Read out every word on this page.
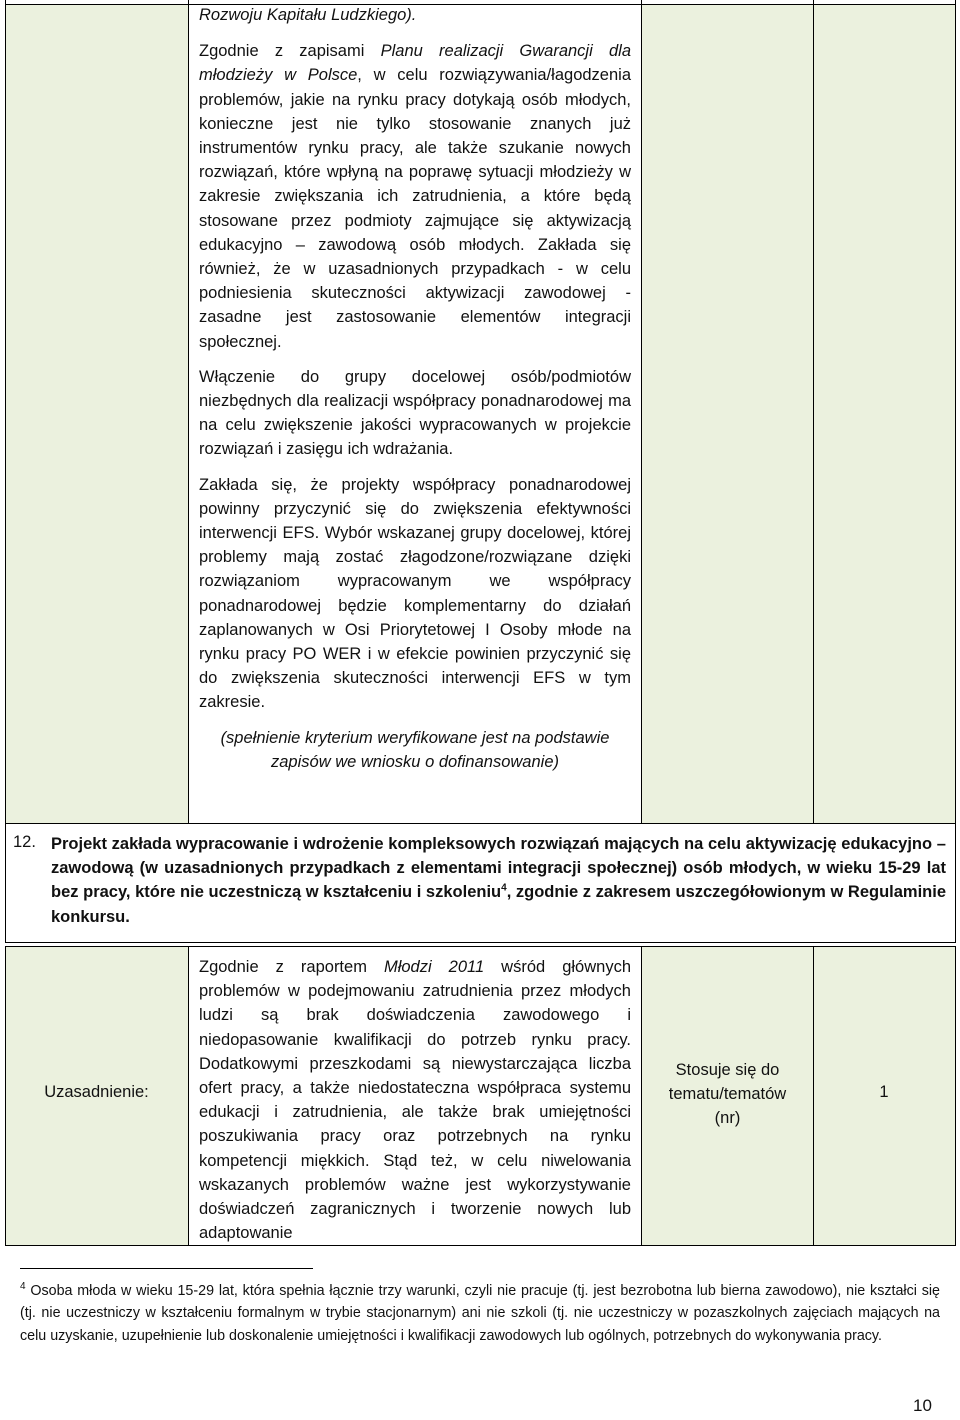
Rozwoju Kapitału Ludzkiego).

Zgodnie z zapisami Planu realizacji Gwarancji dla młodzieży w Polsce, w celu rozwiązywania/łagodzenia problemów, jakie na rynku pracy dotykają osób młodych, konieczne jest nie tylko stosowanie znanych już instrumentów rynku pracy, ale także szukanie nowych rozwiązań, które wpłyną na poprawę sytuacji młodzieży w zakresie zwiększania ich zatrudnienia, a które będą stosowane przez podmioty zajmujące się aktywizacją edukacyjno – zawodową osób młodych. Zakłada się również, że w uzasadnionych przypadkach - w celu podniesienia skuteczności aktywizacji zawodowej - zasadne jest zastosowanie elementów integracji społecznej.

Włączenie do grupy docelowej osób/podmiotów niezbędnych dla realizacji współpracy ponadnarodowej ma na celu zwiększenie jakości wypracowanych w projekcie rozwiązań i zasięgu ich wdrażania.

Zakłada się, że projekty współpracy ponadnarodowej powinny przyczynić się do zwiększenia efektywności interwencji EFS. Wybór wskazanej grupy docelowej, której problemy mają zostać złagodzone/rozwiązane dzięki rozwiązaniom wypracowanym we współpracy ponadnarodowej będzie komplementarny do działań zaplanowanych w Osi Priorytetowej I Osoby młode na rynku pracy PO WER i w efekcie powinien przyczynić się do zwiększenia skuteczności interwencji EFS w tym zakresie.

(spełnienie kryterium weryfikowane jest na podstawie zapisów we wniosku o dofinansowanie)

12. Projekt zakłada wypracowanie i wdrożenie kompleksowych rozwiązań mających na celu aktywizację edukacyjno – zawodową (w uzasadnionych przypadkach z elementami integracji społecznej) osób młodych, w wieku 15-29 lat bez pracy, które nie uczestniczą w kształceniu i szkoleniu$^4$, zgodnie z zakresem uszczegółowionym w Regulaminie konkursu.
Uzasadnienie:
Zgodnie z raportem Młodzi 2011 wśród głównych problemów w podejmowaniu zatrudnienia przez młodych ludzi są brak doświadczenia zawodowego i niedopasowanie kwalifikacji do potrzeb rynku pracy. Dodatkowymi przeszkodami są niewystarczająca liczba ofert pracy, a także niedostateczna współpraca systemu edukacji i zatrudnienia, ale także brak umiejętności poszukiwania pracy oraz potrzebnych na rynku kompetencji miękkich. Stąd też, w celu niwelowania wskazanych problemów ważne jest wykorzystywanie doświadczeń zagranicznych i tworzenie nowych lub adaptowanie
Stosuje się do tematu/tematów (nr)
1
$^4$ Osoba młoda w wieku 15-29 lat, która spełnia łącznie trzy warunki, czyli nie pracuje (tj. jest bezrobotna lub bierna zawodowo), nie kształci się (tj. nie uczestniczy w kształceniu formalnym w trybie stacjonarnym) ani nie szkoli (tj. nie uczestniczy w pozaszkolnych zajęciach mających na celu uzyskanie, uzupełnienie lub doskonalenie umiejętności i kwalifikacji zawodowych lub ogólnych, potrzebnych do wykonywania pracy.
10
